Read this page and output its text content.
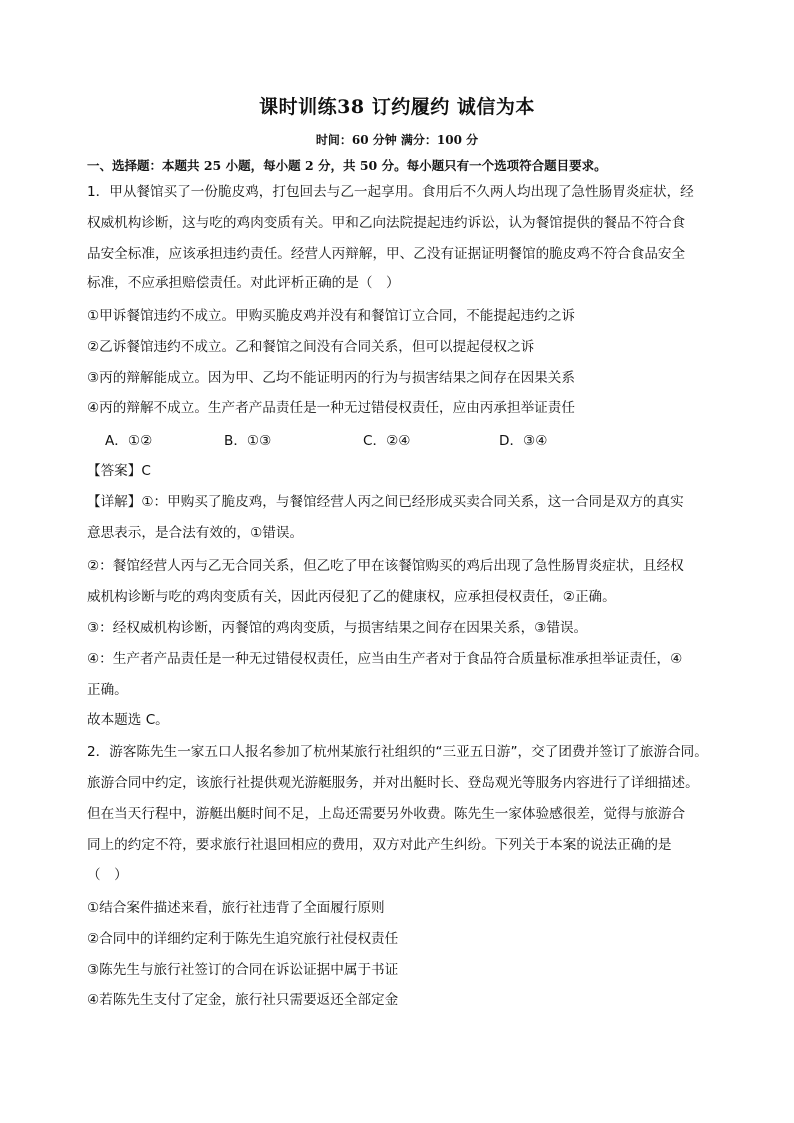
课时训练38 订约履约 诚信为本
时间：60 分钟 满分：100 分
一、选择题：本题共 25 小题，每小题 2 分，共 50 分。每小题只有一个选项符合题目要求。
1．甲从餐馆买了一份脆皮鸡，打包回去与乙一起享用。食用后不久两人均出现了急性肠胃炎症状，经
权威机构诊断，这与吃的鸡肉变质有关。甲和乙向法院提起违约诉讼，认为餐馆提供的餐品不符合食
品安全标准，应该承担违约责任。经营人丙辩解，甲、乙没有证据证明餐馆的脆皮鸡不符合食品安全
标准，不应承担赔偿责任。对此评析正确的是（　）
①甲诉餐馆违约不成立。甲购买脆皮鸡并没有和餐馆订立合同，不能提起违约之诉
②乙诉餐馆违约不成立。乙和餐馆之间没有合同关系，但可以提起侵权之诉
③丙的辩解能成立。因为甲、乙均不能证明丙的行为与损害结果之间存在因果关系
④丙的辩解不成立。生产者产品责任是一种无过错侵权责任，应由丙承担举证责任
A．①②	B．①③	C．②④	D．③④
【答案】C
【详解】①：甲购买了脆皮鸡，与餐馆经营人丙之间已经形成买卖合同关系，这一合同是双方的真实
意思表示，是合法有效的，①错误。
②：餐馆经营人丙与乙无合同关系，但乙吃了甲在该餐馆购买的鸡后出现了急性肠胃炎症状，且经权
威机构诊断与吃的鸡肉变质有关，因此丙侵犯了乙的健康权，应承担侵权责任，②正确。
③：经权威机构诊断，丙餐馆的鸡肉变质，与损害结果之间存在因果关系，③错误。
④：生产者产品责任是一种无过错侵权责任，应当由生产者对于食品符合质量标准承担举证责任，④
正确。
故本题选 C。
2．游客陈先生一家五口人报名参加了杭州某旅行社组织的“三亚五日游”，交了团费并签订了旅游合同。
旅游合同中约定，该旅行社提供观光游艇服务，并对出艇时长、登岛观光等服务内容进行了详细描述。
但在当天行程中，游艇出艇时间不足，上岛还需要另外收费。陈先生一家体验感很差，觉得与旅游合
同上的约定不符，要求旅行社退回相应的费用，双方对此产生纠纷。下列关于本案的说法正确的是
（　）
①结合案件描述来看，旅行社违背了全面履行原则
②合同中的详细约定利于陈先生追究旅行社侵权责任
③陈先生与旅行社签订的合同在诉讼证据中属于书证
④若陈先生支付了定金，旅行社只需要返还全部定金
